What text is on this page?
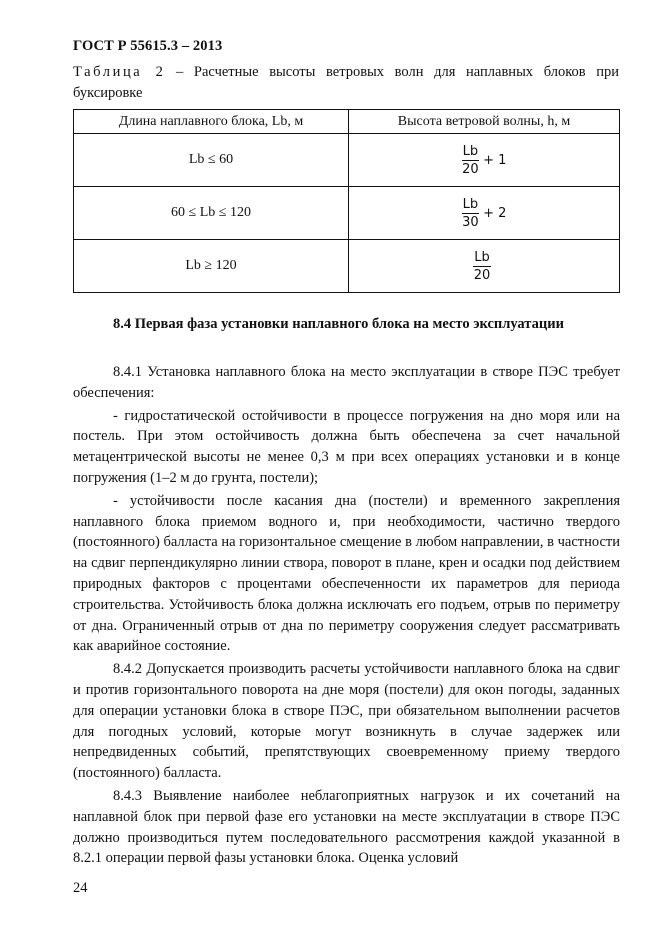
ГОСТ Р 55615.3 – 2013
Таблица 2 – Расчетные высоты ветровых волн для наплавных блоков при буксировке
Длина наплавного блока, Lb, м	Высота ветровой волны, h, м
Lb ≤ 60	$\frac{Lb}{20} + 1$
60 ≤ Lb ≤ 120	$\frac{Lb}{30} + 2$
Lb ≥ 120	$\frac{Lb}{20}$
8.4 Первая фаза установки наплавного блока на место эксплуатации

8.4.1 Установка наплавного блока на место эксплуатации в створе ПЭС требует обеспечения:

- гидростатической остойчивости в процессе погружения на дно моря или на постель. При этом остойчивость должна быть обеспечена за счет начальной метацентрической высоты не менее 0,3 м при всех операциях установки и в конце погружения (1–2 м до грунта, постели);

- устойчивости после касания дна (постели) и временного закрепления наплавного блока приемом водного и, при необходимости, частично твердого (постоянного) балласта на горизонтальное смещение в любом направлении, в частности на сдвиг перпендикулярно линии створа, поворот в плане, крен и осадки под действием природных факторов с процентами обеспеченности их параметров для периода строительства. Устойчивость блока должна исключать его подъем, отрыв по периметру от дна. Ограниченный отрыв от дна по периметру сооружения следует рассматривать как аварийное состояние.

8.4.2 Допускается производить расчеты устойчивости наплавного блока на сдвиг и против горизонтального поворота на дне моря (постели) для окон погоды, заданных для операции установки блока в створе ПЭС, при обязательном выполнении расчетов для погодных условий, которые могут возникнуть в случае задержек или непредвиденных событий, препятствующих своевременному приему твердого (постоянного) балласта.

8.4.3 Выявление наиболее неблагоприятных нагрузок и их сочетаний на наплавной блок при первой фазе его установки на месте эксплуатации в створе ПЭС должно производиться путем последовательного рассмотрения каждой указанной в 8.2.1 операции первой фазы установки блока. Оценка условий

24
